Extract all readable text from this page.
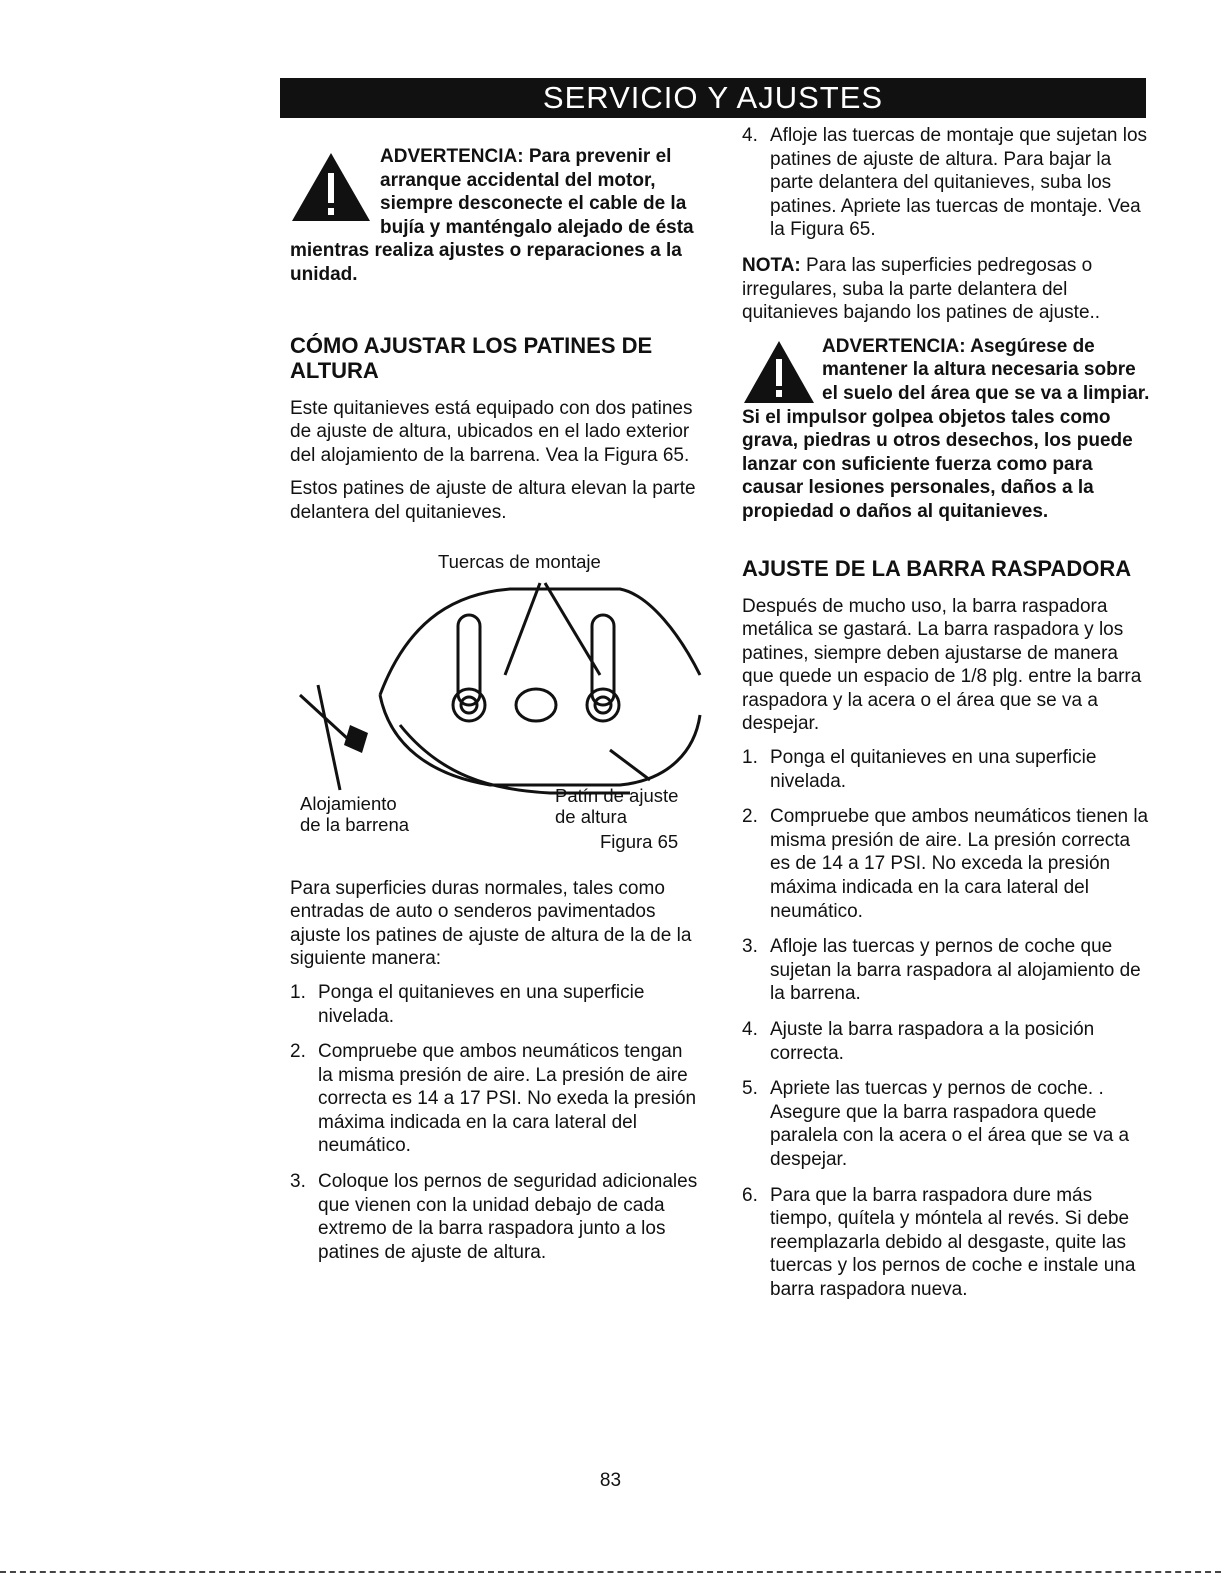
SERVICIO Y AJUSTES
ADVERTENCIA: Para prevenir el arranque accidental del motor, siempre desconecte el cable de la bujía y manténgalo alejado de ésta mientras realiza ajustes o reparaciones a la unidad.
CÓMO AJUSTAR LOS PATINES DE ALTURA

Este quitanieves está equipado con dos patines de ajuste de altura, ubicados en el lado exterior del alojamiento de la barrena. Vea la Figura 65.

Estos patines de ajuste de altura elevan la parte delantera del quitanieves.

Tuercas de montaje
Alojamiento
de la barrena
Patín de ajuste
de altura
Figura 65

Para superficies duras normales, tales como entradas de auto o senderos pavimentados ajuste los patines de ajuste de altura de la de la siguiente manera:

1. Ponga el quitanieves en una superficie nivelada.
2. Compruebe que ambos neumáticos tengan la misma presión de aire. La presión de aire correcta es 14 a 17 PSI. No exeda la presión máxima indicada en la cara lateral del neumático.
3. Coloque los pernos de seguridad adicionales que vienen con la unidad debajo de cada extremo de la barra raspadora junto a los patines de ajuste de altura.
4. Afloje las tuercas de montaje que sujetan los patines de ajuste de altura. Para bajar la parte delantera del quitanieves, suba los patines. Apriete las tuercas de montaje. Vea la Figura 65.

NOTA: Para las superficies pedregosas o irregulares, suba la parte delantera del quitanieves bajando los patines de ajuste..

ADVERTENCIA: Asegúrese de mantener la altura necesaria sobre el suelo del área que se va a limpiar. Si el impulsor golpea objetos tales como grava, piedras u otros desechos, los puede lanzar con suficiente fuerza como para causar lesiones personales, daños a la propiedad o daños al quitanieves.
AJUSTE DE LA BARRA RASPADORA

Después de mucho uso, la barra raspadora metálica se gastará. La barra raspadora y los patines, siempre deben ajustarse de manera que quede un espacio de 1/8 plg. entre la barra raspadora y la acera o el área que se va a despejar.

1. Ponga el quitanieves en una superficie nivelada.
2. Compruebe que ambos neumáticos tienen la misma presión de aire. La presión correcta es de 14 a 17 PSI. No exceda la presión máxima indicada en la cara lateral del neumático.
3. Afloje las tuercas y pernos de coche que sujetan la barra raspadora al alojamiento de la barrena.
4. Ajuste la barra raspadora a la posición correcta.
5. Apriete las tuercas y pernos de coche. . Asegure que la barra raspadora quede paralela con la acera o el área que se va a despejar.
6. Para que la barra raspadora dure más tiempo, quítela y móntela al revés. Si debe reemplazarla debido al desgaste, quite las tuercas y los pernos de coche e instale una barra raspadora nueva.
83
